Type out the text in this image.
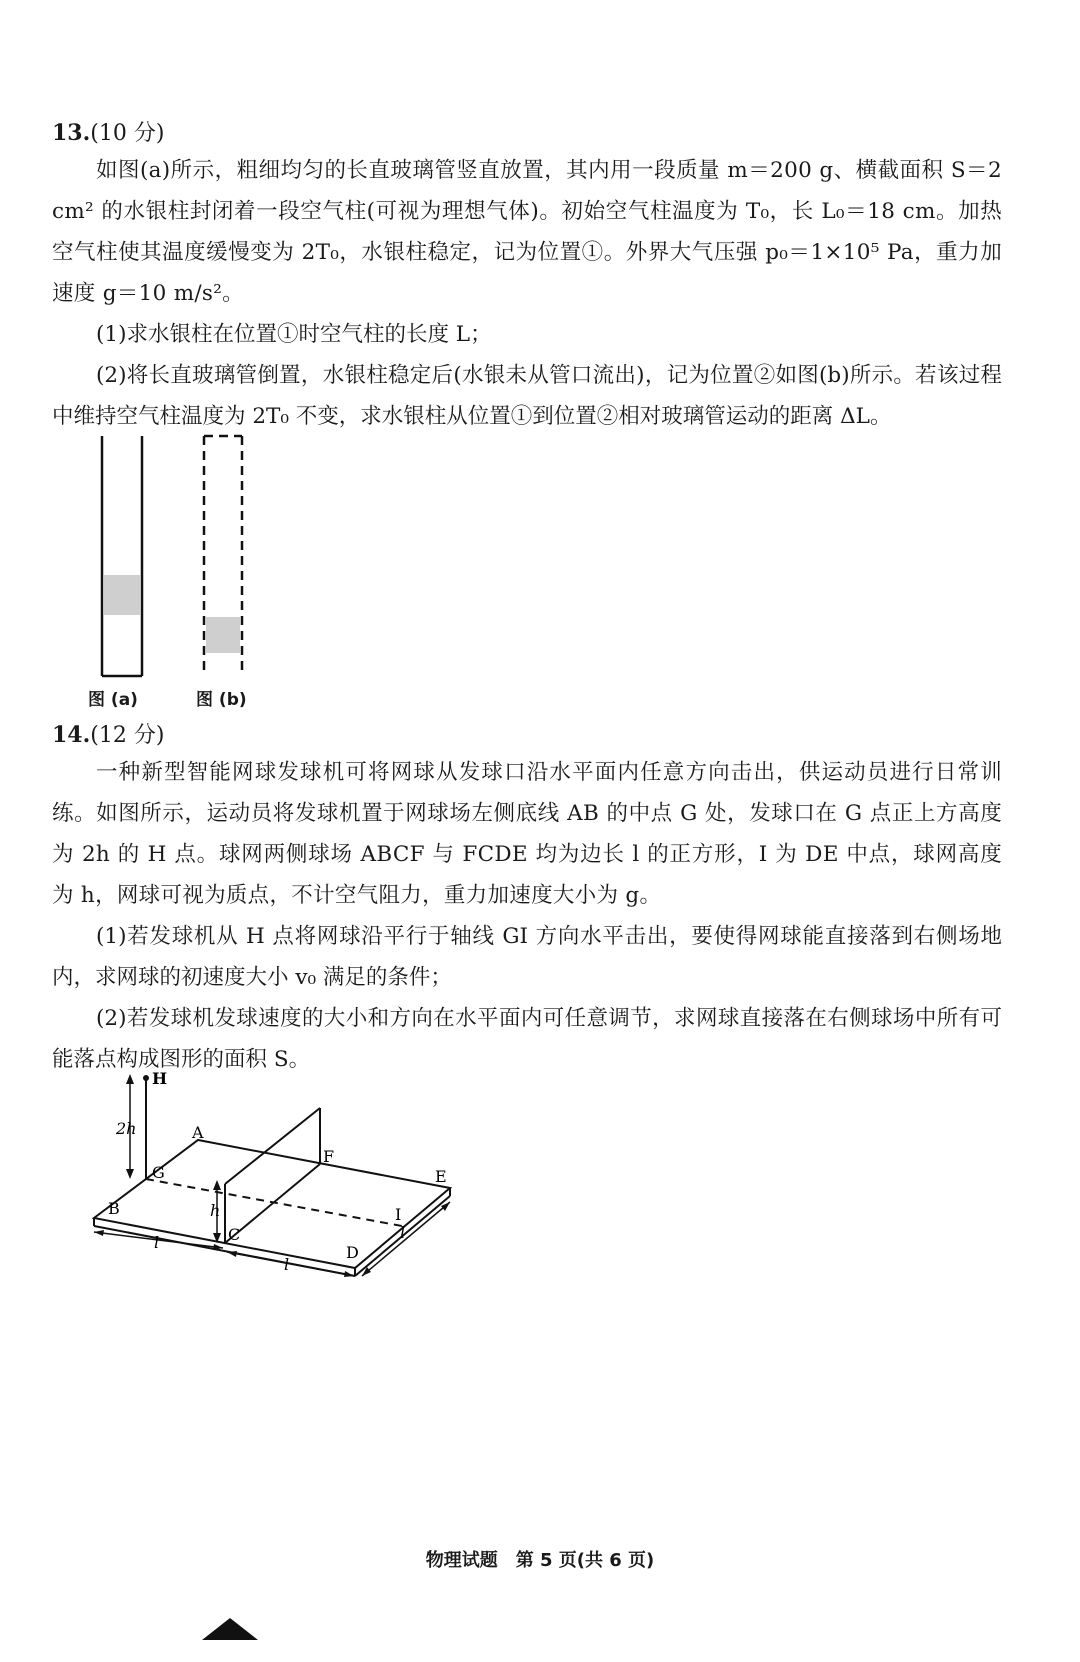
13.(10 分)
如图(a)所示，粗细均匀的长直玻璃管竖直放置，其内用一段质量 m＝200 g、横截面积 S＝2 cm² 的水银柱封闭着一段空气柱(可视为理想气体)。初始空气柱温度为 T₀，长 L₀＝18 cm。加热空气柱使其温度缓慢变为 2T₀，水银柱稳定，记为位置①。外界大气压强 p₀＝1×10⁵ Pa，重力加速度 g＝10 m/s²。
(1)求水银柱在位置①时空气柱的长度 L；
(2)将长直玻璃管倒置，水银柱稳定后(水银未从管口流出)，记为位置②如图(b)所示。若该过程中维持空气柱温度为 2T₀ 不变，求水银柱从位置①到位置②相对玻璃管运动的距离 ΔL。
图 (a)	图 (b)
14.(12 分)
一种新型智能网球发球机可将网球从发球口沿水平面内任意方向击出，供运动员进行日常训练。如图所示，运动员将发球机置于网球场左侧底线 AB 的中点 G 处，发球口在 G 点正上方高度为 2h 的 H 点。球网两侧球场 ABCF 与 FCDE 均为边长 l 的正方形，I 为 DE 中点，球网高度为 h，网球可视为质点，不计空气阻力，重力加速度大小为 g。
(1)若发球机从 H 点将网球沿平行于轴线 GI 方向水平击出，要使得网球能直接落到右侧场地内，求网球的初速度大小 v₀ 满足的条件；
(2)若发球机发球速度的大小和方向在水平面内可任意调节，求网球直接落在右侧球场中所有可能落点构成图形的面积 S。
H
A
B
C
D
E
F
G
I
2h
h
l
l
l
物理试题　第 5 页(共 6 页)
